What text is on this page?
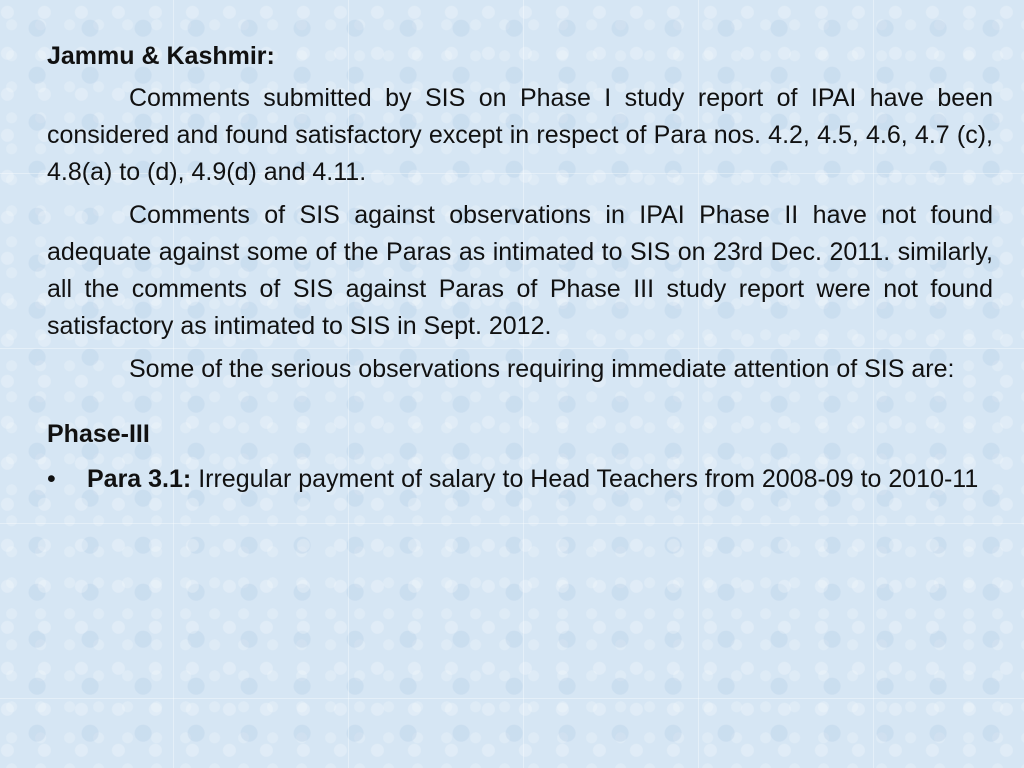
Jammu & Kashmir:

Comments submitted by SIS on Phase I study report of IPAI have been considered and found satisfactory except in respect of Para nos. 4.2, 4.5, 4.6, 4.7 (c), 4.8(a) to (d), 4.9(d) and 4.11.

Comments of SIS against observations in IPAI Phase II have not found adequate against some of the Paras as intimated to SIS on 23rd Dec. 2011. similarly, all the comments of SIS against Paras of Phase III study report were not found satisfactory as intimated to SIS in Sept. 2012.

Some of the serious observations requiring immediate attention of SIS are:

Phase-III
•	Para 3.1: Irregular payment of salary to Head Teachers from 2008-09 to 2010-11
